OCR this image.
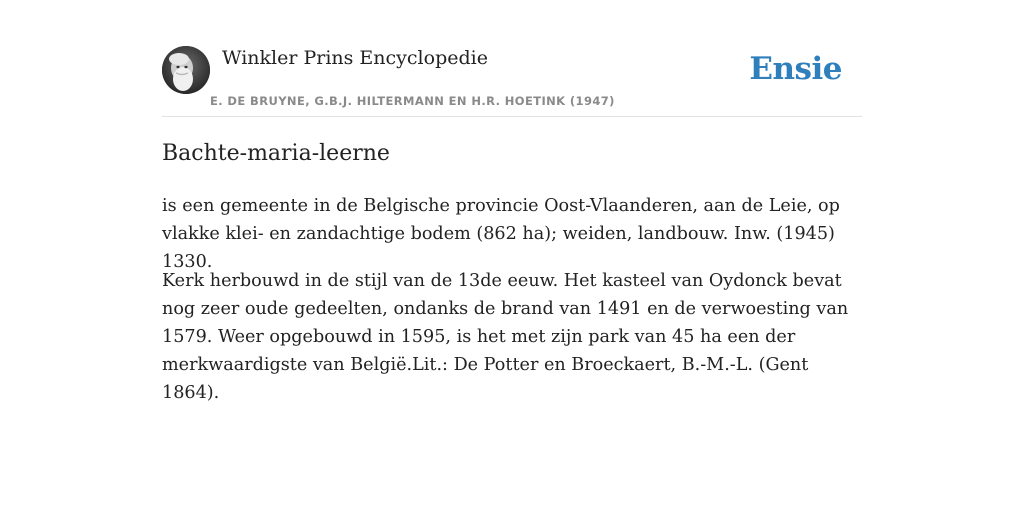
Winkler Prins Encyclopedie
E. DE BRUYNE, G.B.J. HILTERMANN EN H.R. HOETINK (1947)
Ensie
Bachte-maria-leerne

is een gemeente in de Belgische provincie Oost-Vlaanderen, aan de Leie, op vlakke klei- en zandachtige bodem (862 ha); weiden, landbouw. Inw. (1945) 1330.

Kerk herbouwd in de stijl van de 13de eeuw. Het kasteel van Oydonck bevat nog zeer oude gedeelten, ondanks de brand van 1491 en de verwoesting van 1579. Weer opgebouwd in 1595, is het met zijn park van 45 ha een der merkwaardigste van België.Lit.: De Potter en Broeckaert, B.-M.-L. (Gent 1864).
